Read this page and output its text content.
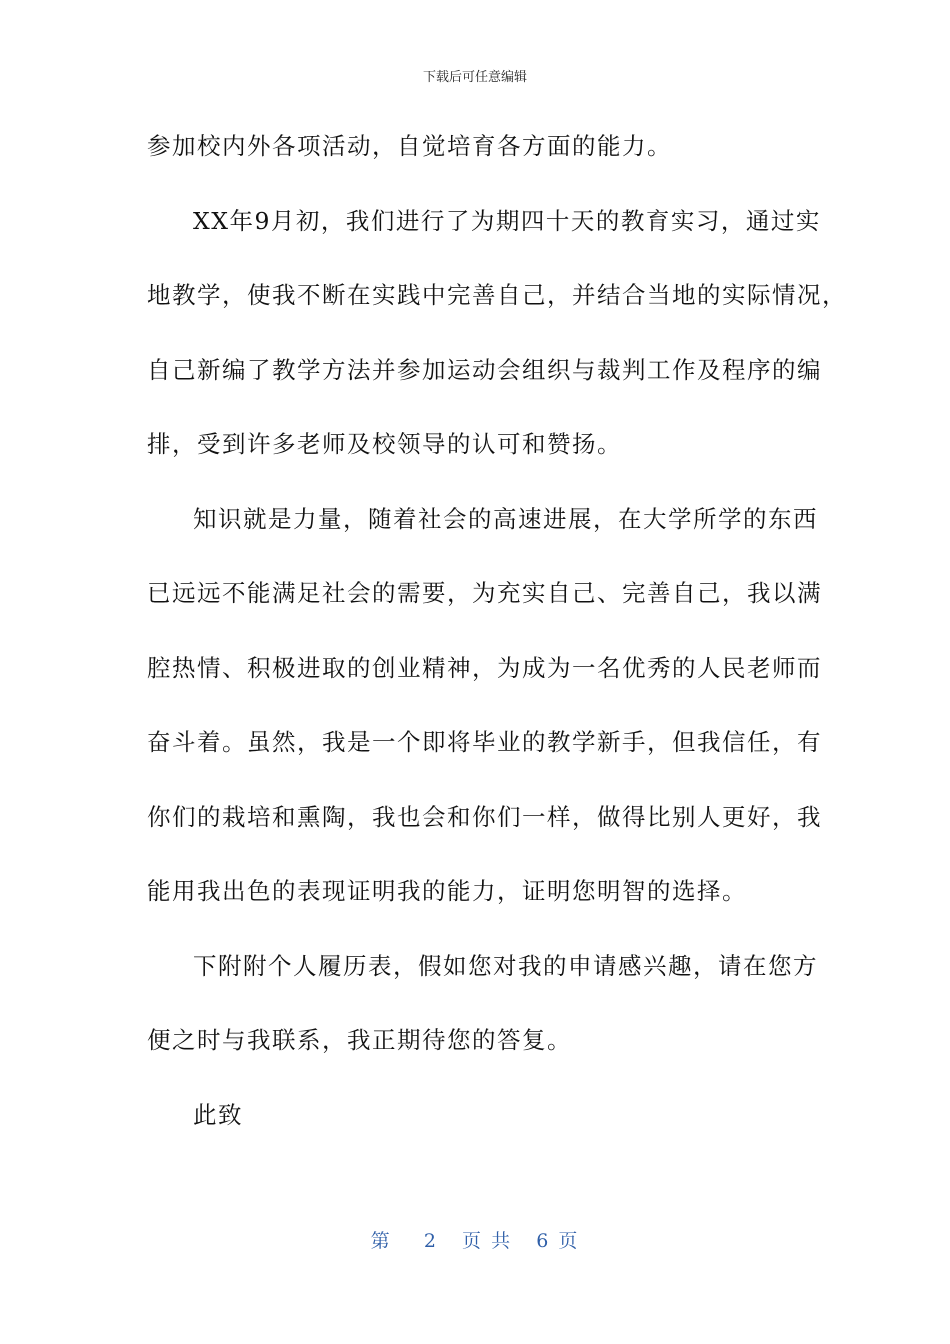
下载后可任意编辑
参加校内外各项活动，自觉培育各方面的能力。
XX年9月初，我们进行了为期四十天的教育实习，通过实
地教学，使我不断在实践中完善自己，并结合当地的实际情况，
自己新编了教学方法并参加运动会组织与裁判工作及程序的编
排，受到许多老师及校领导的认可和赞扬。
知识就是力量，随着社会的高速进展，在大学所学的东西
已远远不能满足社会的需要，为充实自己、完善自己，我以满
腔热情、积极进取的创业精神，为成为一名优秀的人民老师而
奋斗着。虽然，我是一个即将毕业的教学新手，但我信任，有
你们的栽培和熏陶，我也会和你们一样，做得比别人更好，我
能用我出色的表现证明我的能力，证明您明智的选择。
下附附个人履历表，假如您对我的申请感兴趣，请在您方
便之时与我联系，我正期待您的答复。
此致
第 2 页 共 6 页
